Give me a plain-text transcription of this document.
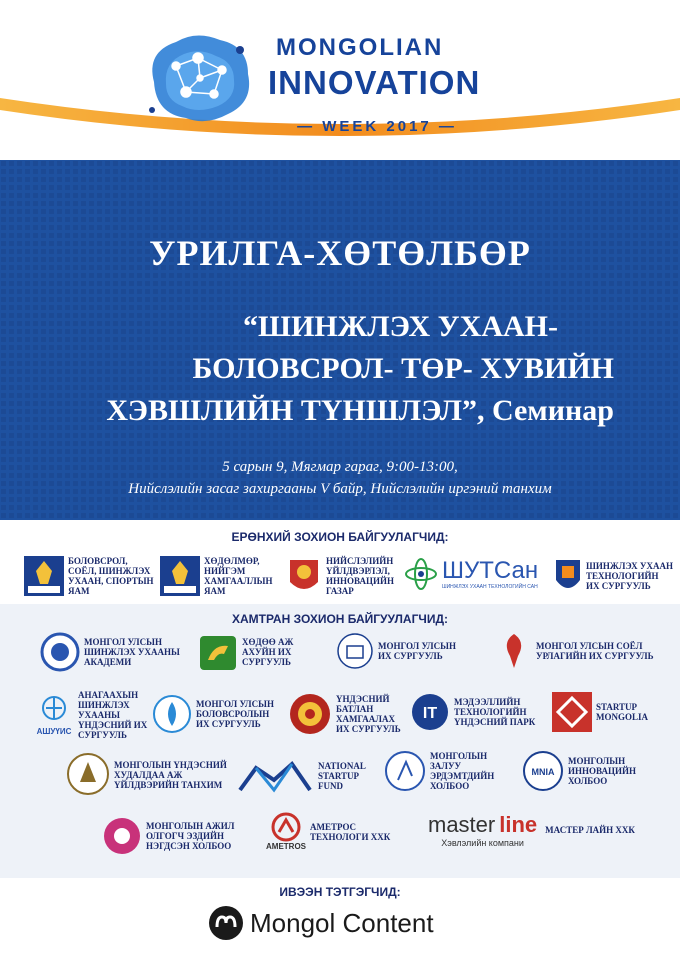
MONGOLIAN
INNOVATION
— WEEK 2017 —
УРИЛГА-ХӨТӨЛБӨР
“ШИНЖЛЭХ УХААН-
БОЛОВСРОЛ- ТӨР- ХУВИЙН
ХЭВШЛИЙН ТҮНШЛЭЛ”, Семинар
5 сарын 9, Мягмар гараг, 9:00-13:00,
Нийслэлийн засаг захиргааны V байр, Нийслэлийн иргэний танхим
ЕРӨНХИЙ ЗОХИОН БАЙГУУЛАГЧИД:
БОЛОВСРОЛ, СОЁЛ, ШИНЖЛЭХ УХААН, СПОРТЫН ЯАМ
ХӨДӨЛМӨР, НИЙГЭМ ХАМГААЛЛЫН ЯАМ
НИЙСЛЭЛИЙН ҮЙЛДВЭРЛЭЛ, ИННОВАЦИЙН ГАЗАР
ШУТСан
ШИНЖЛЭХ УХААН ТЕХНОЛОГИЙН САН
ШИНЖЛЭХ УХААН ТЕХНОЛОГИЙН ИХ СУРГУУЛЬ
ХАМТРАН ЗОХИОН БАЙГУУЛАГЧИД:
МОНГОЛ УЛСЫН ШИНЖЛЭХ УХААНЫ АКАДЕМИ
ХӨДӨӨ АЖ АХУЙН ИХ СУРГУУЛЬ
МОНГОЛ УЛСЫН ИХ СУРГУУЛЬ
МОНГОЛ УЛСЫН СОЁЛ УРЛАГИЙН ИХ СУРГУУЛЬ
АШУҮИС
АНАГААХЫН ШИНЖЛЭХ УХААНЫ ҮНДЭСНИЙ ИХ СУРГУУЛЬ
МОНГОЛ УЛСЫН БОЛОВСРОЛЫН ИХ СУРГУУЛЬ
ҮНДЭСНИЙ БАТЛАН ХАМГААЛАХ ИХ СУРГУУЛЬ
IT
МЭДЭЭЛЛИЙН ТЕХНОЛОГИЙН ҮНДЭСНИЙ ПАРК
STARTUP MONGOLIA
МОНГОЛЫН ҮНДЭСНИЙ ХУДАЛДАА АЖ ҮЙЛДВЭРИЙН ТАНХИМ
NATIONAL STARTUP FUND
МОНГОЛЫН ЗАЛУУ ЭРДЭМТДИЙН ХОЛБОО
MNIA
МОНГОЛЫН ИННОВАЦИЙН ХОЛБОО
МОНГОЛЫН АЖИЛ ОЛГОГЧ ЭЗДИЙН НЭГДСЭН ХОЛБОО	AMETROS
АМЕТРОС ТЕХНОЛОГИ ХХК master line
Хэвлэлийн компани
МАСТЕР ЛАЙН ХХК
ИВЭЭН ТЭТГЭГЧИД:
Mongol Content
